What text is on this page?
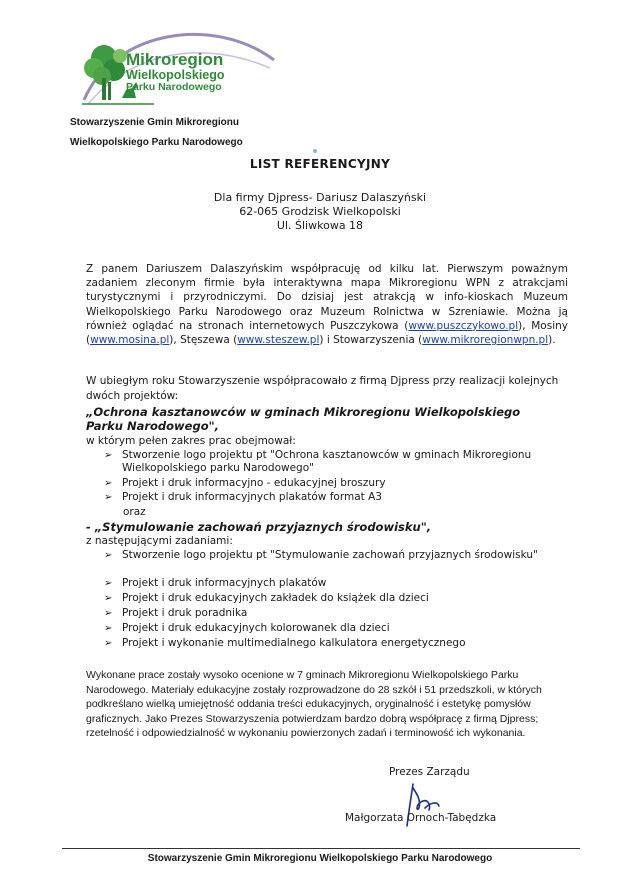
Mikroregion
Wielkopolskiego
Parku Narodowego
Stowarzyszenie Gmin Mikroregionu
Wielkopolskiego Parku Narodowego
LIST REFERENCYJNY
Dla firmy Djpress- Dariusz Dalaszyński
62-065 Grodzisk Wielkopolski
Ul. Śliwkowa 18
Z panem Dariuszem Dalaszyńskim współpracuję od kilku lat. Pierwszym poważnym zadaniem zleconym firmie była interaktywna mapa Mikroregionu WPN z atrakcjami turystycznymi i przyrodniczymi. Do dzisiaj jest atrakcją w info-kioskach Muzeum Wielkopolskiego Parku Narodowego oraz Muzeum Rolnictwa w Szreniawie. Można ją również oglądać na stronach internetowych Puszczykowa (www.puszczykowo.pl), Mosiny (www.mosina.pl), Stęszewa (www.steszew.pl) i Stowarzyszenia (www.mikroregionwpn.pl).
W ubiegłym roku Stowarzyszenie współpracowało z firmą Djpress przy realizacji kolejnych dwóch projektów:
„Ochrona kasztanowców w gminach Mikroregionu Wielkopolskiego Parku Narodowego",
w którym pełen zakres prac obejmował:
➢ Stworzenie logo projektu pt "Ochrona kasztanowców w gminach Mikroregionu Wielkopolskiego parku Narodowego"
➢ Projekt i druk informacyjno - edukacyjnej broszury
➢ Projekt i druk informacyjnych plakatów format A3
oraz
- „Stymulowanie zachowań przyjaznych środowisku",
z następującymi zadaniami:
➢ Stworzenie logo projektu pt "Stymulowanie zachowań przyjaznych środowisku"
➢ Projekt i druk informacyjnych plakatów
➢ Projekt i druk edukacyjnych zakładek do książek dla dzieci
➢ Projekt i druk poradnika
➢ Projekt i druk edukacyjnych kolorowanek dla dzieci
➢ Projekt i wykonanie multimedialnego kalkulatora energetycznego
Wykonane prace zostały wysoko ocenione w 7 gminach Mikroregionu Wielkopolskiego Parku Narodowego. Materiały edukacyjne zostały rozprowadzone do 28 szkół i 51 przedszkoli, w których podkreślano wielką umiejętność oddania treści edukacyjnych, oryginalność i estetykę pomysłów graficznych. Jako Prezes Stowarzyszenia potwierdzam bardzo dobrą współpracę z firmą Djpress; rzetelność i odpowiedzialność w wykonaniu powierzonych zadań i terminowość ich wykonania.
Prezes Zarządu
Małgorzata Ornoch-Tabędzka
Stowarzyszenie Gmin Mikroregionu Wielkopolskiego Parku Narodowego
